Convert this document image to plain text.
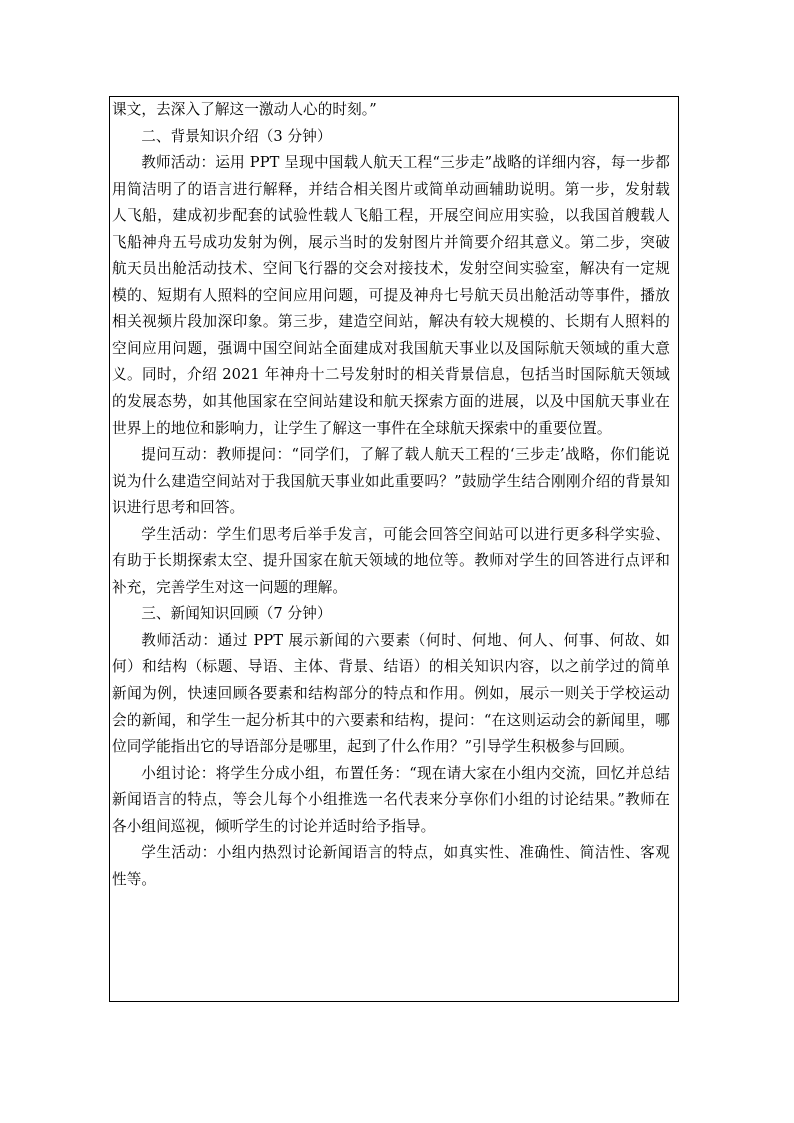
课文，去深入了解这一激动人心的时刻。”

二、背景知识介绍（3 分钟）

教师活动：运用 PPT 呈现中国载人航天工程“三步走”战略的详细内容，每一步都用简洁明了的语言进行解释，并结合相关图片或简单动画辅助说明。第一步，发射载人飞船，建成初步配套的试验性载人飞船工程，开展空间应用实验，以我国首艘载人飞船神舟五号成功发射为例，展示当时的发射图片并简要介绍其意义。第二步，突破航天员出舱活动技术、空间飞行器的交会对接技术，发射空间实验室，解决有一定规模的、短期有人照料的空间应用问题，可提及神舟七号航天员出舱活动等事件，播放相关视频片段加深印象。第三步，建造空间站，解决有较大规模的、长期有人照料的空间应用问题，强调中国空间站全面建成对我国航天事业以及国际航天领域的重大意义。同时，介绍 2021 年神舟十二号发射时的相关背景信息，包括当时国际航天领域的发展态势，如其他国家在空间站建设和航天探索方面的进展，以及中国航天事业在世界上的地位和影响力，让学生了解这一事件在全球航天探索中的重要位置。

提问互动：教师提问：“同学们，了解了载人航天工程的‘三步走’战略，你们能说说为什么建造空间站对于我国航天事业如此重要吗？”鼓励学生结合刚刚介绍的背景知识进行思考和回答。

学生活动：学生们思考后举手发言，可能会回答空间站可以进行更多科学实验、有助于长期探索太空、提升国家在航天领域的地位等。教师对学生的回答进行点评和补充，完善学生对这一问题的理解。

三、新闻知识回顾（7 分钟）

教师活动：通过 PPT 展示新闻的六要素（何时、何地、何人、何事、何故、如何）和结构（标题、导语、主体、背景、结语）的相关知识内容，以之前学过的简单新闻为例，快速回顾各要素和结构部分的特点和作用。例如，展示一则关于学校运动会的新闻，和学生一起分析其中的六要素和结构，提问：“在这则运动会的新闻里，哪位同学能指出它的导语部分是哪里，起到了什么作用？”引导学生积极参与回顾。

小组讨论：将学生分成小组，布置任务：“现在请大家在小组内交流，回忆并总结新闻语言的特点，等会儿每个小组推选一名代表来分享你们小组的讨论结果。”教师在各小组间巡视，倾听学生的讨论并适时给予指导。

学生活动：小组内热烈讨论新闻语言的特点，如真实性、准确性、简洁性、客观性等。
